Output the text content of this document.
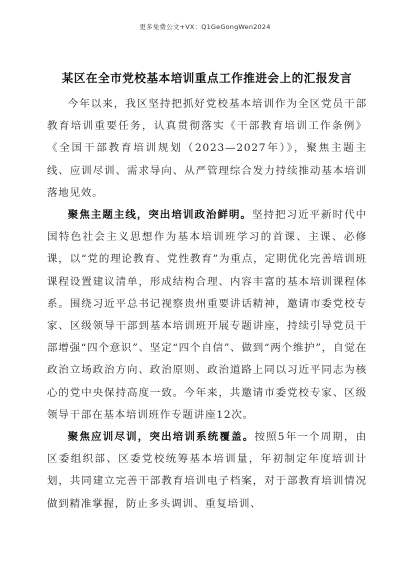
更多免费公文+VX：Q1GeGongWen2024
某区在全市党校基本培训重点工作推进会上的汇报发言

今年以来，我区坚持把抓好党校基本培训作为全区党员干部教育培训重要任务，认真贯彻落实《干部教育培训工作条例》《全国干部教育培训规划（2023—2027年）》，聚焦主题主线、应训尽训、需求导向、从严管理综合发力持续推动基本培训落地见效。

聚焦主题主线，突出培训政治鲜明。坚持把习近平新时代中国特色社会主义思想作为基本培训班学习的首课、主课、必修课，以“党的理论教育、党性教育”为重点，定期优化完善培训班课程设置建议清单，形成结构合理、内容丰富的基本培训课程体系。围绕习近平总书记视察贵州重要讲话精神，邀请市委党校专家、区级领导干部到基本培训班开展专题讲座，持续引导党员干部增强“四个意识”、坚定“四个自信”、做到“两个维护”，自觉在政治立场政治方向、政治原则、政治道路上同以习近平同志为核心的党中央保持高度一致。今年来，共邀请市委党校专家、区级领导干部在基本培训班作专题讲座12次。

聚焦应训尽训，突出培训系统覆盖。按照5年一个周期，由区委组织部、区委党校统筹基本培训量，年初制定年度培训计划，共同建立完善干部教育培训电子档案，对于部教育培训情况做到精准掌握，防止多头调训、重复培训、
